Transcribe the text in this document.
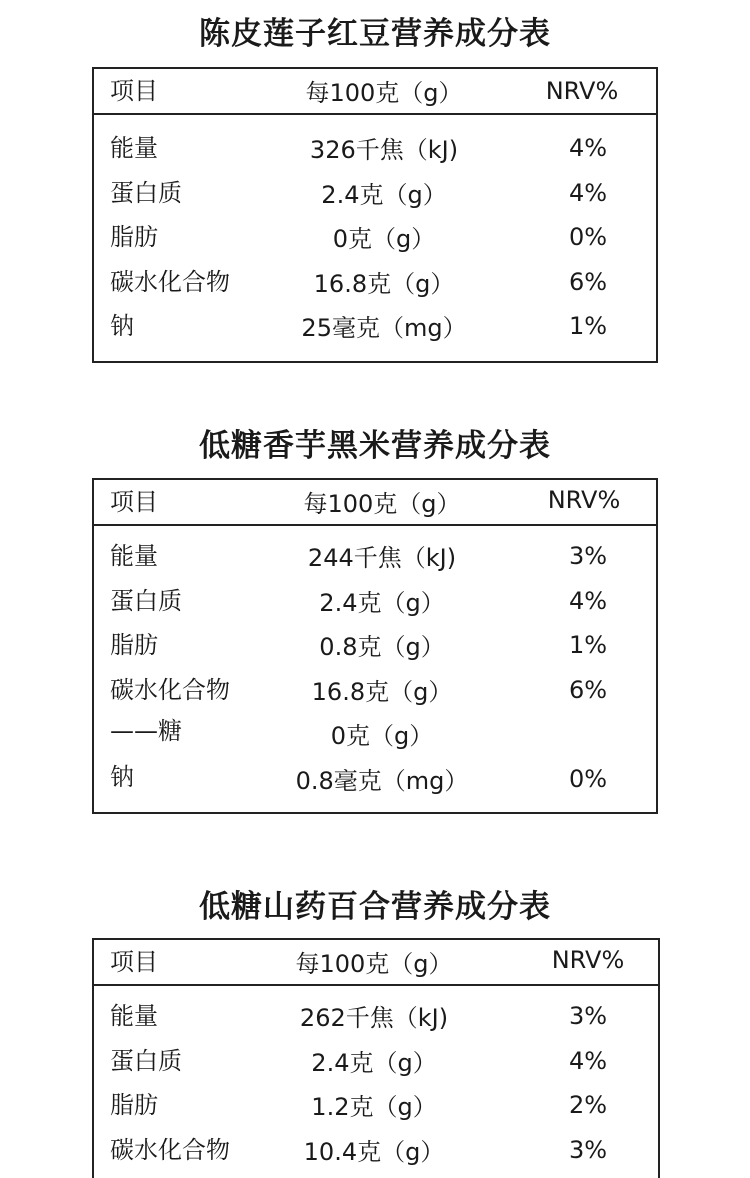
陈皮莲子红豆营养成分表
项目	每100克（g）	NRV%
能量	326千焦（kJ)	4%
蛋白质	2.4克（g）	4%
脂肪	0克（g）	0%
碳水化合物	16.8克（g）	6%
钠	25毫克（mg）	1%
低糖香芋黑米营养成分表
项目	每100克（g）	NRV%
能量	244千焦（kJ)	3%
蛋白质	2.4克（g）	4%
脂肪	0.8克（g）	1%
碳水化合物	16.8克（g）	6%
——糖	0克（g）
钠	0.8毫克（mg）	0%
低糖山药百合营养成分表
项目	每100克（g）	NRV%
能量	262千焦（kJ)	3%
蛋白质	2.4克（g）	4%
脂肪	1.2克（g）	2%
碳水化合物	10.4克（g）	3%
